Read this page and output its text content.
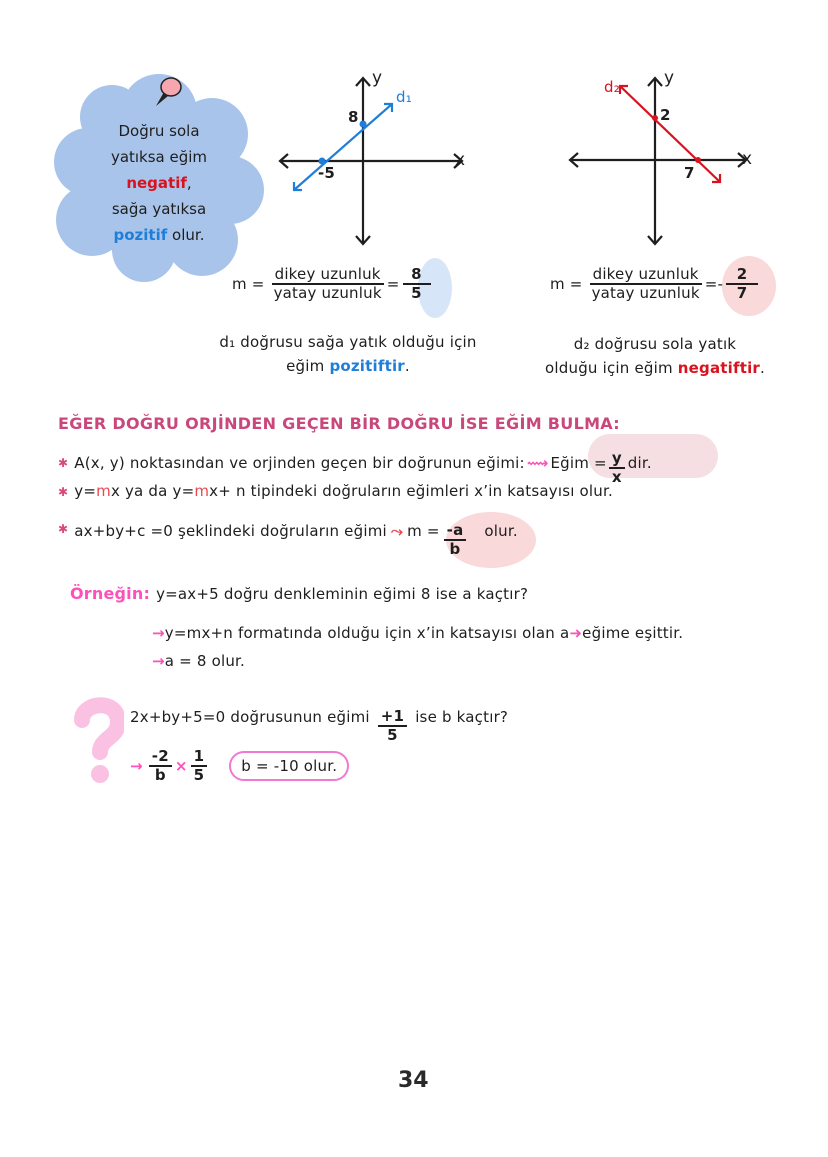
Doğru sola
yatıksa eğim
negatif,
sağa yatıksa
pozitif olur.
y
x
d₁
8
-5
y
x
d₂
2
7
$m = \frac{\text{dikey uzunluk}}{\text{yatay uzunluk}} = \frac{8}{5}$
d₁ doğrusu sağa yatık olduğu için
eğim pozitiftir.
$m = \frac{\text{dikey uzunluk}}{\text{yatay uzunluk}} =- \frac{2}{7}$
d₂ doğrusu sola yatık
olduğu için eğim negatiftir.
EĞER DOĞRU ORJİNDEN GEÇEN BİR DOĞRU İSE EĞİM BULMA:
✱ A(x, y) noktasından ve orjinden geçen bir doğrunun eğimi: ⟿ Eğim = $\frac{y}{x}$ dir.
✱ y=mx ya da y=mx+ n tipindeki doğruların eğimleri x’in katsayısı olur.
✱ ax+by+c =0 şeklindeki doğruların eğimi ⤳ $m = \frac{-a}{b}$ olur.
Örneğin: y=ax+5 doğru denkleminin eğimi 8 ise a kaçtır?
→y=mx+n formatında olduğu için x’in katsayısı olan a➜eğime eşittir.
→a = 8 olur.
2x+by+5=0 doğrusunun eğimi $\frac{+1}{5}$ ise b kaçtır?
→ $\frac{-2}{b} \times \frac{1}{5}$	b = -10 olur.
34
